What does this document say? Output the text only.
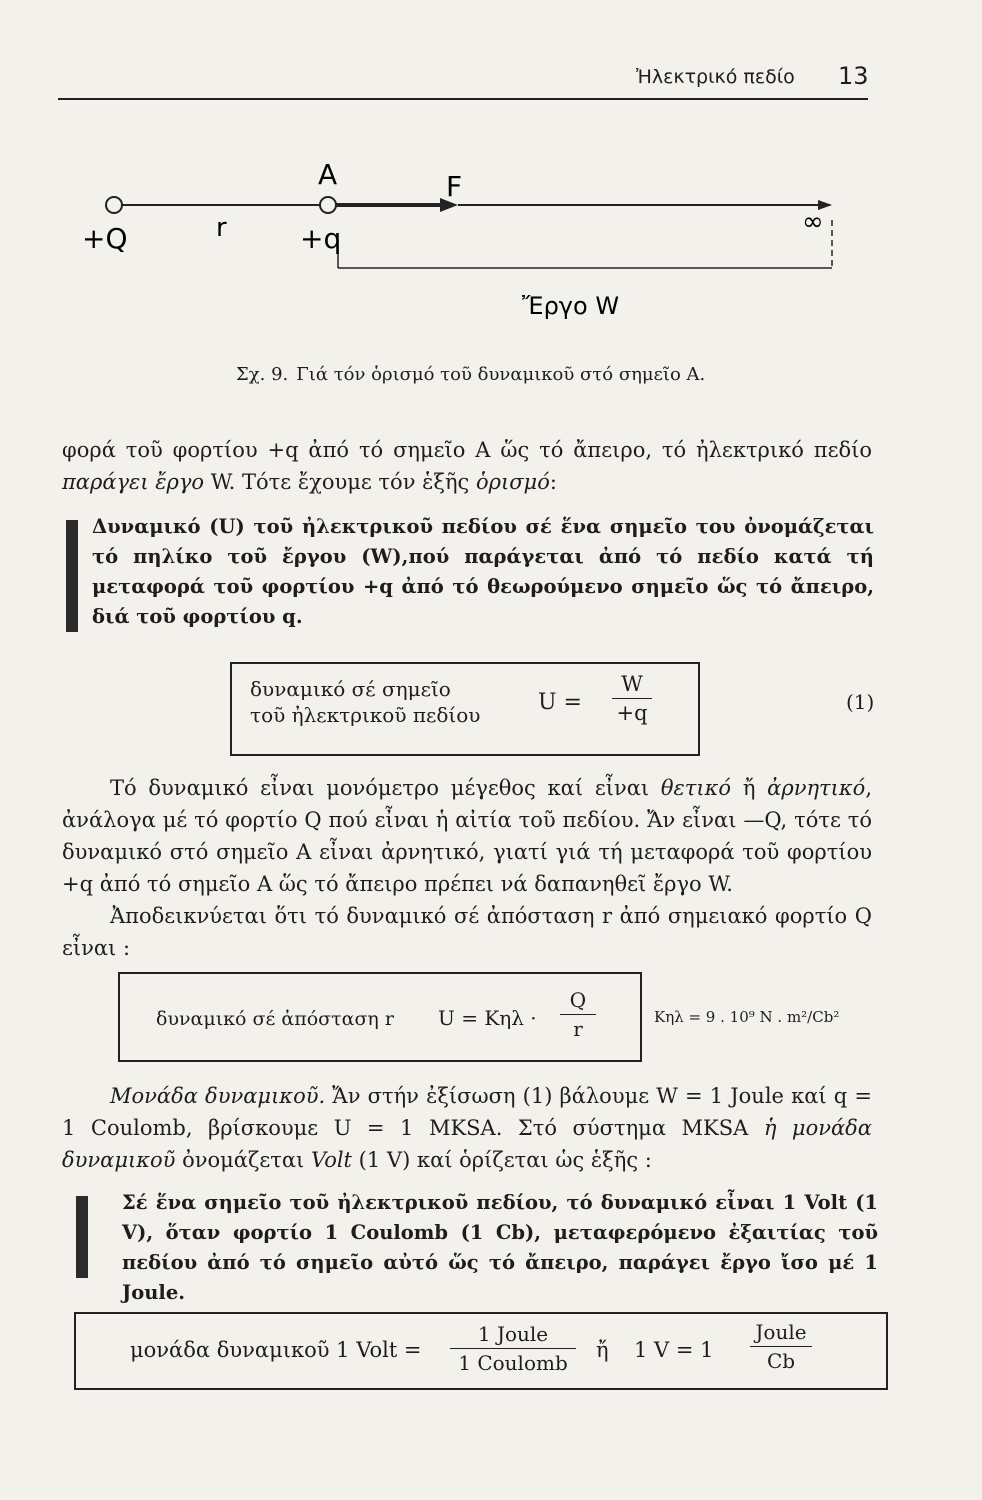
Ἠλεκτρικό πεδίο 13
+Q	r
A
+q
F
∞
Ἔργο W
Σχ. 9. Γιά τόν ὁρισμό τοῦ δυναμικοῦ στό σημεῖο Α.
φορά τοῦ φορτίου +q ἀπό τό σημεῖο Α ὥς τό ἄπειρο, τό ἠλεκτρικό πεδίο παράγει ἔργο W. Τότε ἔχουμε τόν ἑξῆς ὁρισμό:
Δυναμικό (U) τοῦ ἠλεκτρικοῦ πεδίου σέ ἕνα σημεῖο του ὀνομάζεται τό πηλίκο τοῦ ἔργου (W),πού παράγεται ἀπό τό πεδίο κατά τή μεταφορά τοῦ φορτίου +q ἀπό τό θεωρούμενο σημεῖο ὥς τό ἄπειρο, διά τοῦ φορτίου q.
δυναμικό σέ σημεῖο
τοῦ ἠλεκτρικοῦ πεδίου	U =
W
+q	(1)
Τό δυναμικό εἶναι μονόμετρο μέγεθος καί εἶναι θετικό ἤ ἀρνητικό, ἀνάλογα μέ τό φορτίο Q πού εἶναι ἡ αἰτία τοῦ πεδίου. Ἄν εἶναι —Q, τότε τό δυναμικό στό σημεῖο Α εἶναι ἀρνητικό, γιατί γιά τή μεταφορά τοῦ φορτίου +q ἀπό τό σημεῖο Α ὥς τό ἄπειρο πρέπει νά δαπανηθεῖ ἔργο W.
Ἀποδεικνύεται ὅτι τό δυναμικό σέ ἀπόσταση r ἀπό σημειακό φορτίο Q εἶναι :
δυναμικό σέ ἀπόσταση r U = Kηλ ·
Q
r	Kηλ = 9 . 10⁹ N . m²/Cb²
Μονάδα δυναμικοῦ. Ἄν στήν ἐξίσωση (1) βάλουμε W = 1 Joule καί q = 1 Coulomb, βρίσκουμε U = 1 MKSA. Στό σύστημα MKSA ἡ μονάδα δυναμικοῦ ὀνομάζεται Volt (1 V) καί ὁρίζεται ὡς ἑξῆς :
Σέ ἕνα σημεῖο τοῦ ἠλεκτρικοῦ πεδίου, τό δυναμικό εἶναι 1 Volt (1 V), ὅταν φορτίο 1 Coulomb (1 Cb), μεταφερόμενο ἐξαιτίας τοῦ πεδίου ἀπό τό σημεῖο αὐτό ὥς τό ἄπειρο, παράγει ἔργο ἴσο μέ 1 Joule.
μονάδα δυναμικοῦ 1 Volt =
1 Joule
1 Coulomb
ἤ 1 V = 1
Joule
Cb
